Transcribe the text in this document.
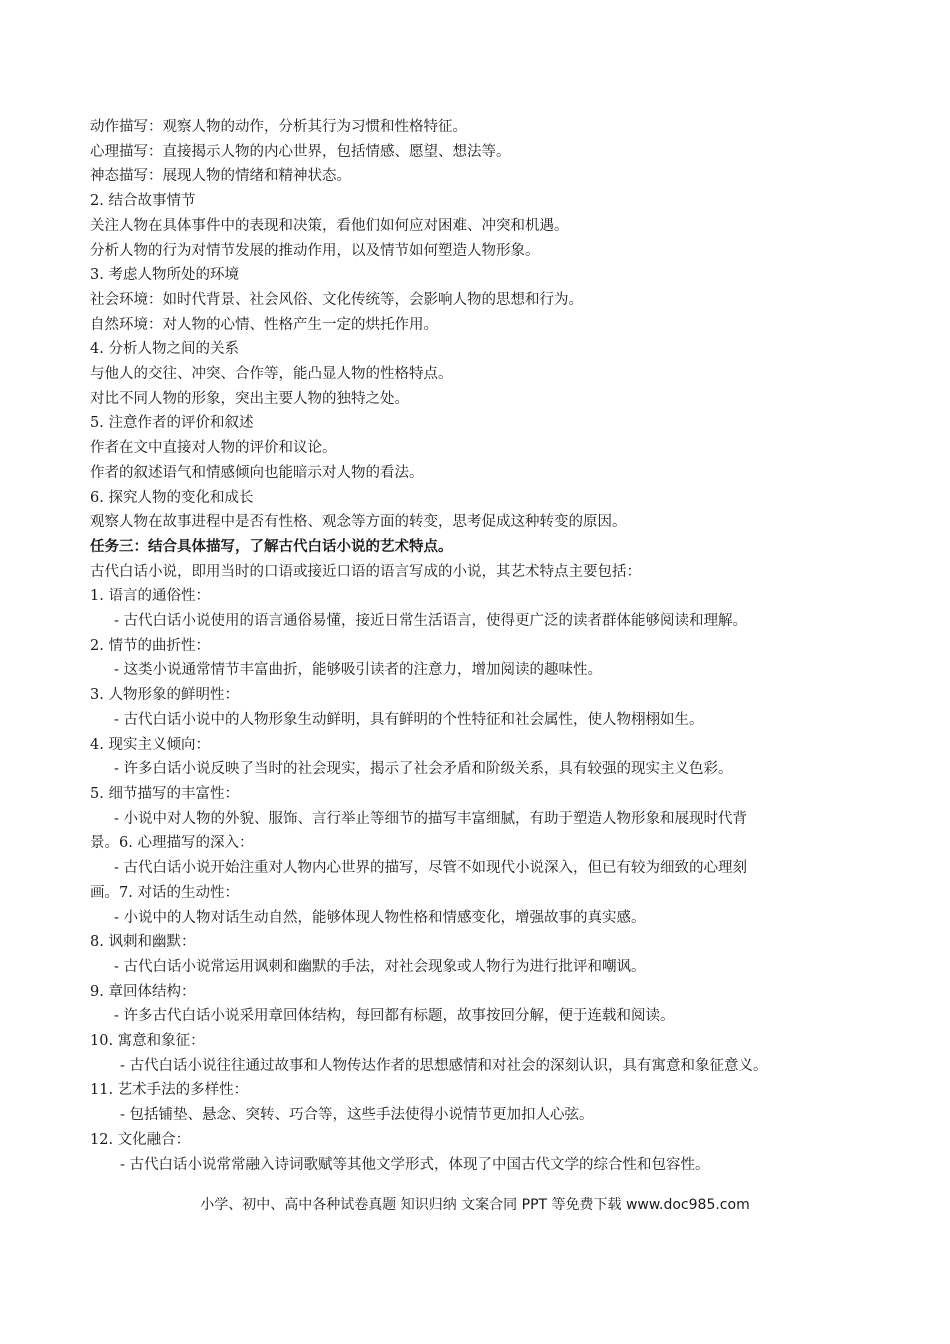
动作描写：观察人物的动作，分析其行为习惯和性格特征。
心理描写：直接揭示人物的内心世界，包括情感、愿望、想法等。
神态描写：展现人物的情绪和精神状态。
2. 结合故事情节
关注人物在具体事件中的表现和决策，看他们如何应对困难、冲突和机遇。
分析人物的行为对情节发展的推动作用，以及情节如何塑造人物形象。
3. 考虑人物所处的环境
社会环境：如时代背景、社会风俗、文化传统等，会影响人物的思想和行为。
自然环境：对人物的心情、性格产生一定的烘托作用。
4. 分析人物之间的关系
与他人的交往、冲突、合作等，能凸显人物的性格特点。
对比不同人物的形象，突出主要人物的独特之处。
5. 注意作者的评价和叙述
作者在文中直接对人物的评价和议论。
作者的叙述语气和情感倾向也能暗示对人物的看法。
6. 探究人物的变化和成长
观察人物在故事进程中是否有性格、观念等方面的转变，思考促成这种转变的原因。
任务三：结合具体描写，了解古代白话小说的艺术特点。
古代白话小说，即用当时的口语或接近口语的语言写成的小说，其艺术特点主要包括：
1. 语言的通俗性：
- 古代白话小说使用的语言通俗易懂，接近日常生活语言，使得更广泛的读者群体能够阅读和理解。
2. 情节的曲折性：
- 这类小说通常情节丰富曲折，能够吸引读者的注意力，增加阅读的趣味性。
3. 人物形象的鲜明性：
- 古代白话小说中的人物形象生动鲜明，具有鲜明的个性特征和社会属性，使人物栩栩如生。
4. 现实主义倾向：
- 许多白话小说反映了当时的社会现实，揭示了社会矛盾和阶级关系，具有较强的现实主义色彩。
5. 细节描写的丰富性：
- 小说中对人物的外貌、服饰、言行举止等细节的描写丰富细腻，有助于塑造人物形象和展现时代背
景。6. 心理描写的深入：
- 古代白话小说开始注重对人物内心世界的描写，尽管不如现代小说深入，但已有较为细致的心理刻
画。7. 对话的生动性：
- 小说中的人物对话生动自然，能够体现人物性格和情感变化，增强故事的真实感。
8. 讽刺和幽默：
- 古代白话小说常运用讽刺和幽默的手法，对社会现象或人物行为进行批评和嘲讽。
9. 章回体结构：
- 许多古代白话小说采用章回体结构，每回都有标题，故事按回分解，便于连载和阅读。
10. 寓意和象征：
- 古代白话小说往往通过故事和人物传达作者的思想感情和对社会的深刻认识，具有寓意和象征意义。
11. 艺术手法的多样性：
- 包括铺垫、悬念、突转、巧合等，这些手法使得小说情节更加扣人心弦。
12. 文化融合：
- 古代白话小说常常融入诗词歌赋等其他文学形式，体现了中国古代文学的综合性和包容性。
小学、初中、高中各种试卷真题 知识归纳 文案合同 PPT 等免费下载 www.doc985.com
